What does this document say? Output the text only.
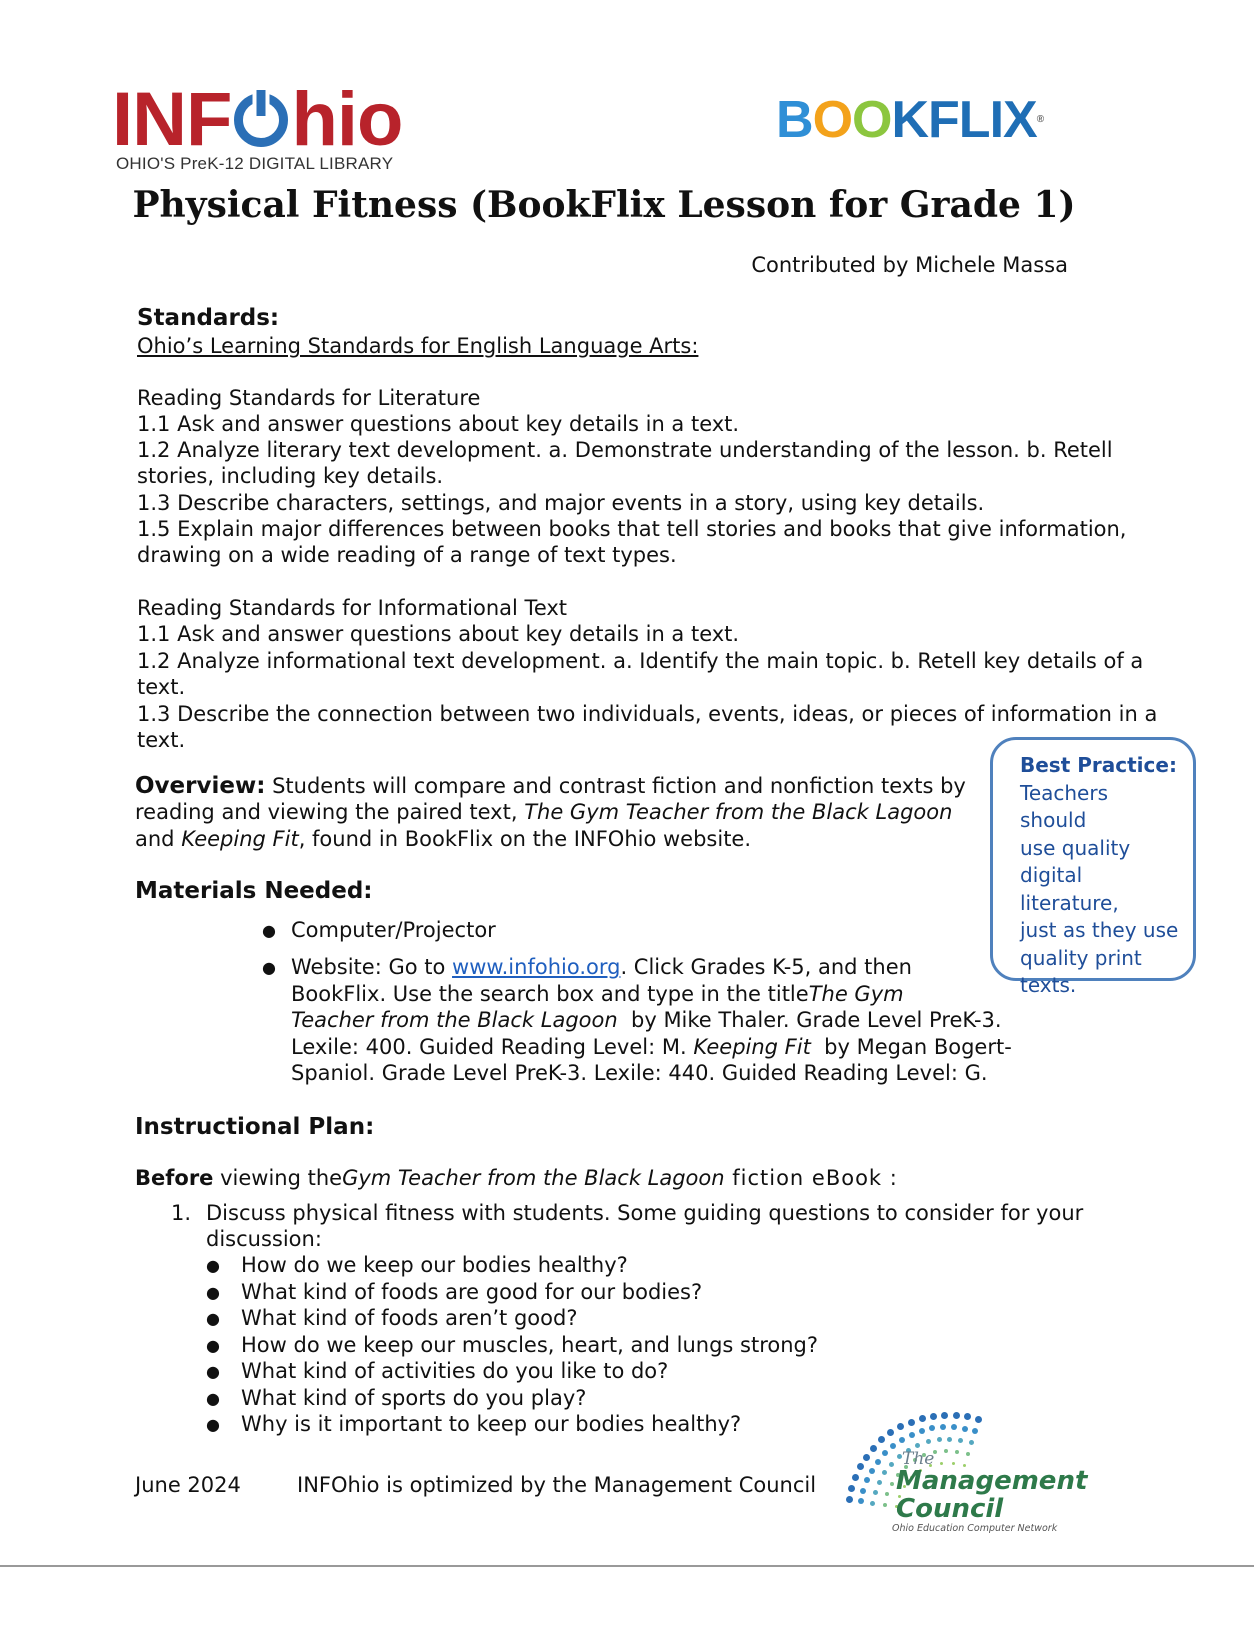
INF hio
OHIO'S PreK-12 DIGITAL LIBRARY
BOOKFLIX®
Physical Fitness (BookFlix Lesson for Grade 1)
Contributed by Michele Massa
Standards:
Ohio’s Learning Standards for English Language Arts:
Reading Standards for Literature
1.1 Ask and answer questions about key details in a text.
1.2 Analyze literary text development. a. Demonstrate understanding of the lesson. b. Retell
stories, including key details.
1.3 Describe characters, settings, and major events in a story, using key details.
1.5 Explain major differences between books that tell stories and books that give information,
drawing on a wide reading of a range of text types.
Reading Standards for Informational Text
1.1 Ask and answer questions about key details in a text.
1.2 Analyze informational text development. a. Identify the main topic. b. Retell key details of a
text.
1.3 Describe the connection between two individuals, events, ideas, or pieces of information in a
text.
Overview: Students will compare and contrast fiction and nonfiction texts by
reading and viewing the paired text, The Gym Teacher from the Black Lagoon
and Keeping Fit, found in BookFlix on the INFOhio website.
Best Practice:
Teachers should
use quality
digital literature,
just as they use
quality print
texts.
Materials Needed:
● Computer/Projector
● Website: Go to www.infohio.org. Click Grades K-5, and then
BookFlix. Use the search box and type in the titleThe Gym
Teacher from the Black Lagoon  by Mike Thaler. Grade Level PreK-3.
Lexile: 400. Guided Reading Level: M. Keeping Fit  by Megan Bogert-
Spaniol. Grade Level PreK-3. Lexile: 440. Guided Reading Level: G.
Instructional Plan:
Before viewing theGym Teacher from the Black Lagoon fiction eBook :
1. Discuss physical fitness with students. Some guiding questions to consider for your
discussion:
● How do we keep our bodies healthy?
● What kind of foods are good for our bodies?
● What kind of foods aren’t good?
● How do we keep our muscles, heart, and lungs strong?
● What kind of activities do you like to do?
● What kind of sports do you play?
● Why is it important to keep our bodies healthy?
June 2024	INFOhio is optimized by the Management Council
The
Management
Council
Ohio Education Computer Network
